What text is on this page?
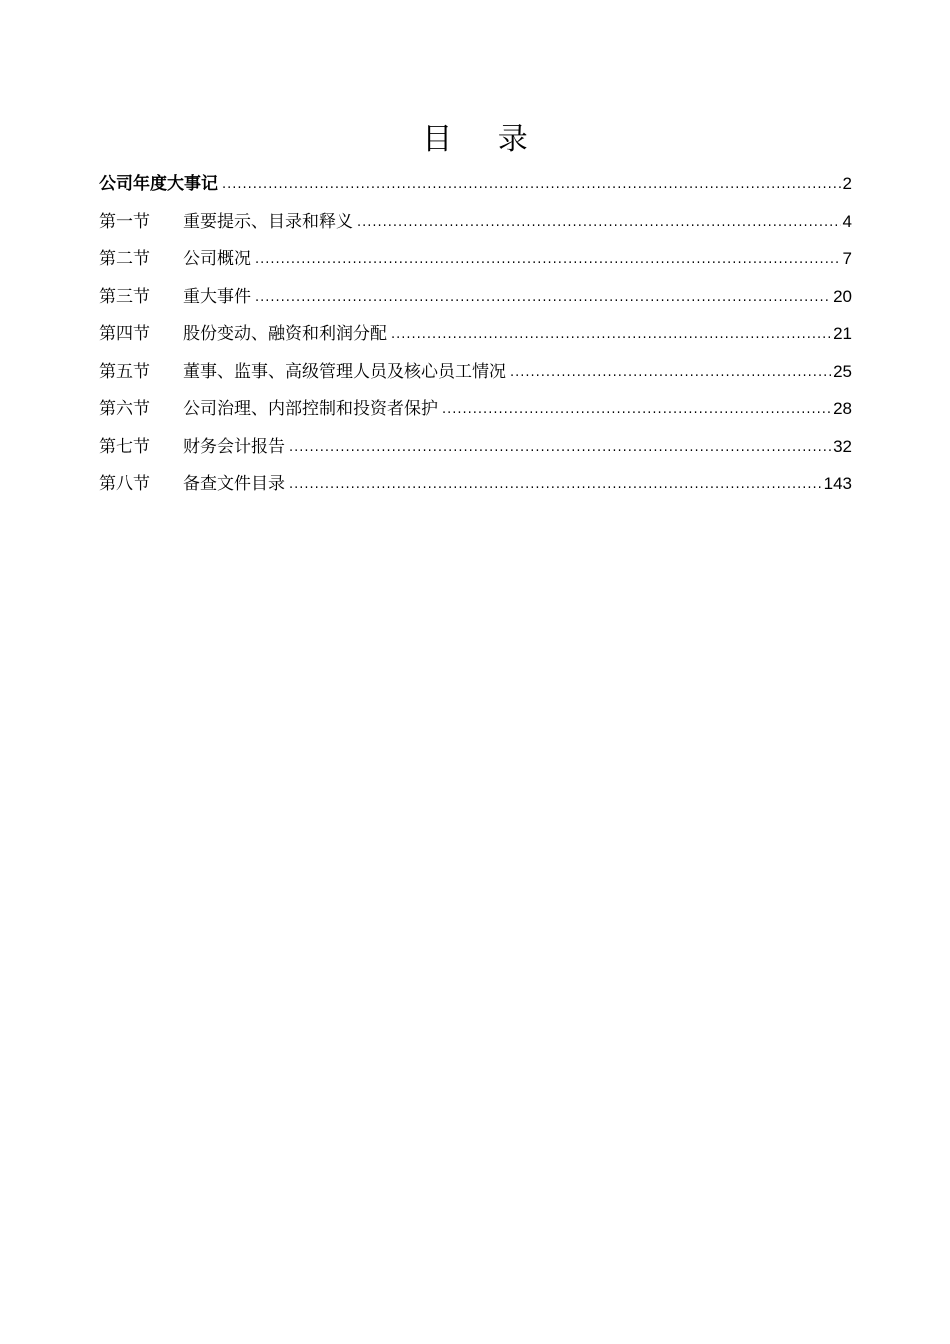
目 录
公司年度大事记 .....	2
第一节	重要提示、目录和释义 .....	4
第二节	公司概况 .....	7
第三节	重大事件 .....	20
第四节	股份变动、融资和利润分配 .....	21
第五节	董事、监事、高级管理人员及核心员工情况 .....	25
第六节	公司治理、内部控制和投资者保护 .....	28
第七节	财务会计报告 .....	32
第八节	备查文件目录 .....	143
